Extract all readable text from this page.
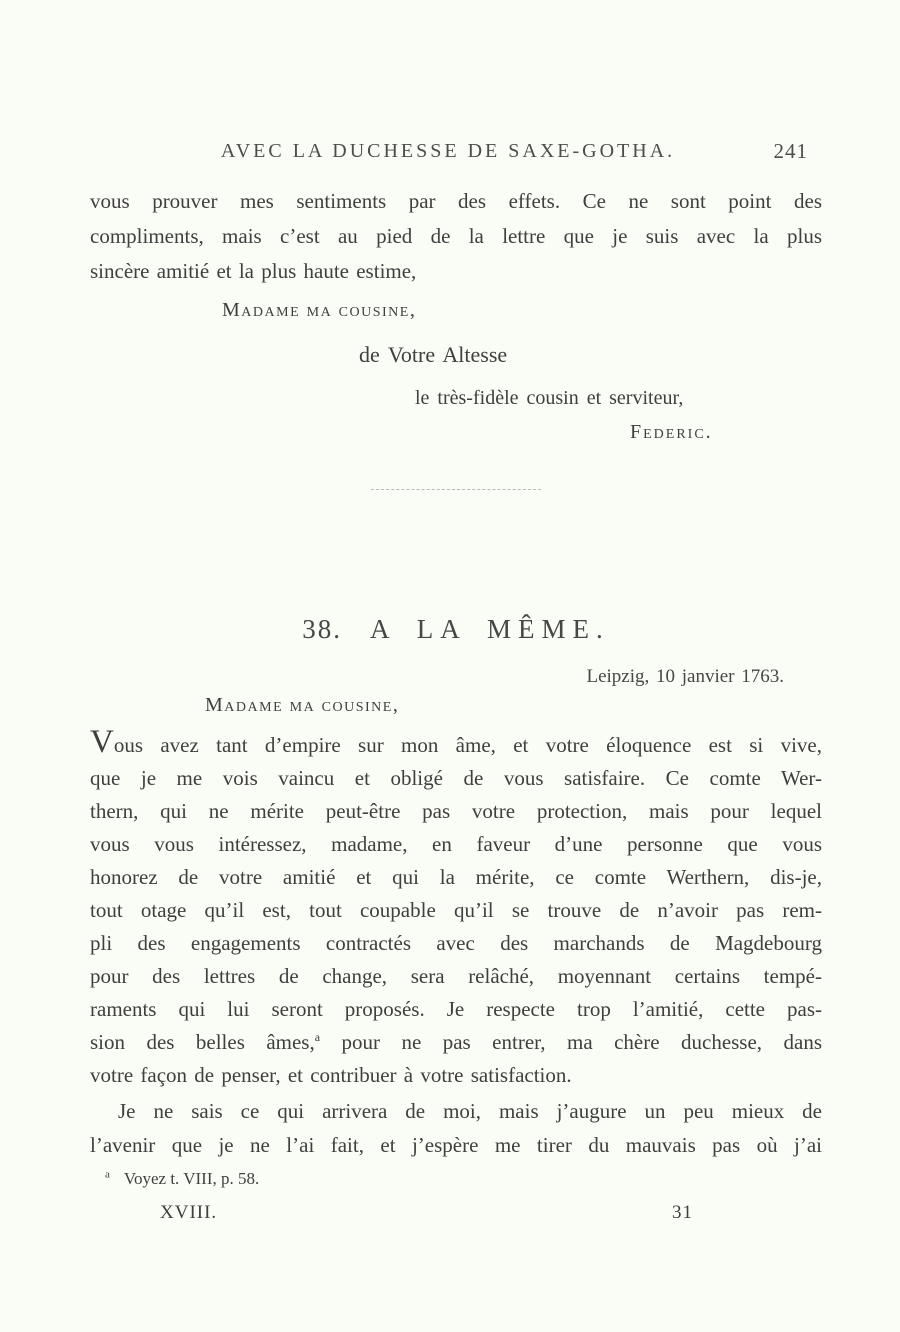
AVEC LA DUCHESSE DE SAXE-GOTHA.	241
vous prouver mes sentiments par des effets. Ce ne sont point des
compliments, mais c’est au pied de la lettre que je suis avec la plus
sincère amitié et la plus haute estime,
Madame ma cousine,
de Votre Altesse
le très-fidèle cousin et serviteur,
Federic.
38. A LA MÊME.
Leipzig, 10 janvier 1763.
Madame ma cousine,
Vous avez tant d’empire sur mon âme, et votre éloquence est si vive,
que je me vois vaincu et obligé de vous satisfaire. Ce comte Wer-
thern, qui ne mérite peut-être pas votre protection, mais pour lequel
vous vous intéressez, madame, en faveur d’une personne que vous
honorez de votre amitié et qui la mérite, ce comte Werthern, dis-je,
tout otage qu’il est, tout coupable qu’il se trouve de n’avoir pas rem-
pli des engagements contractés avec des marchands de Magdebourg
pour des lettres de change, sera relâché, moyennant certains tempé-
raments qui lui seront proposés. Je respecte trop l’amitié, cette pas-
sion des belles âmes,$^a$ pour ne pas entrer, ma chère duchesse, dans
votre façon de penser, et contribuer à votre satisfaction.
Je ne sais ce qui arrivera de moi, mais j’augure un peu mieux de
l’avenir que je ne l’ai fait, et j’espère me tirer du mauvais pas où j’ai
$^a$ Voyez t. VIII, p. 58.
XVIII.	31
